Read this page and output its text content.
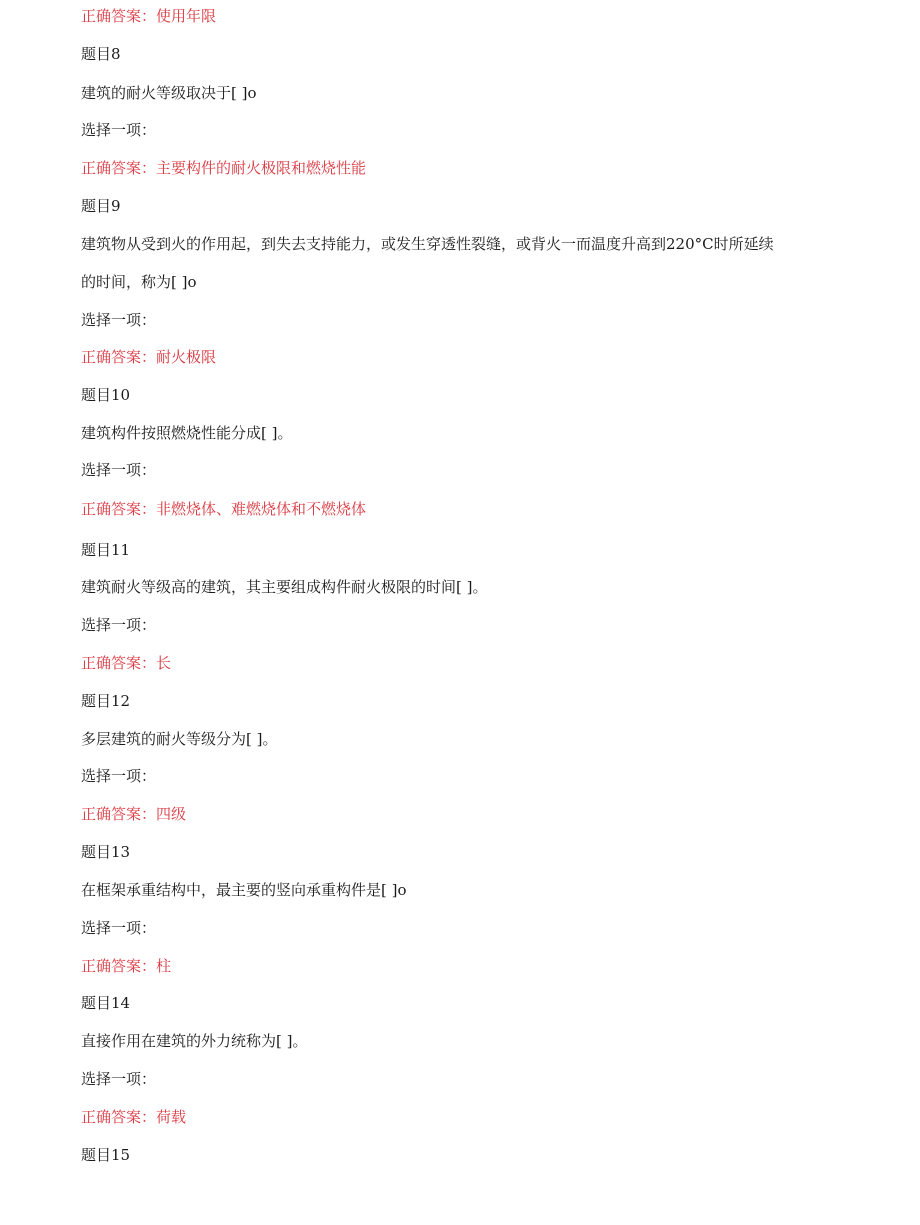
正确答案：使用年限
题目8
建筑的耐火等级取决于[ ]o
选择一项：
正确答案：主要构件的耐火极限和燃烧性能
题目9
建筑物从受到火的作用起，到失去支持能力，或发生穿透性裂缝，或背火一而温度升高到220°C时所延续
的时间，称为[ ]o
选择一项：
正确答案：耐火极限
题目10
建筑构件按照燃烧性能分成[ ]。
选择一项：
正确答案：非燃烧体、难燃烧体和不燃烧体
题目11
建筑耐火等级高的建筑，其主要组成构件耐火极限的时间[ ]。
选择一项：
正确答案：长
题目12
多层建筑的耐火等级分为[ ]。
选择一项：
正确答案：四级
题目13
在框架承重结构中，最主要的竖向承重构件是[ ]o
选择一项：
正确答案：柱
题目14
直接作用在建筑的外力统称为[ ]。
选择一项：
正确答案：荷载
题目15
